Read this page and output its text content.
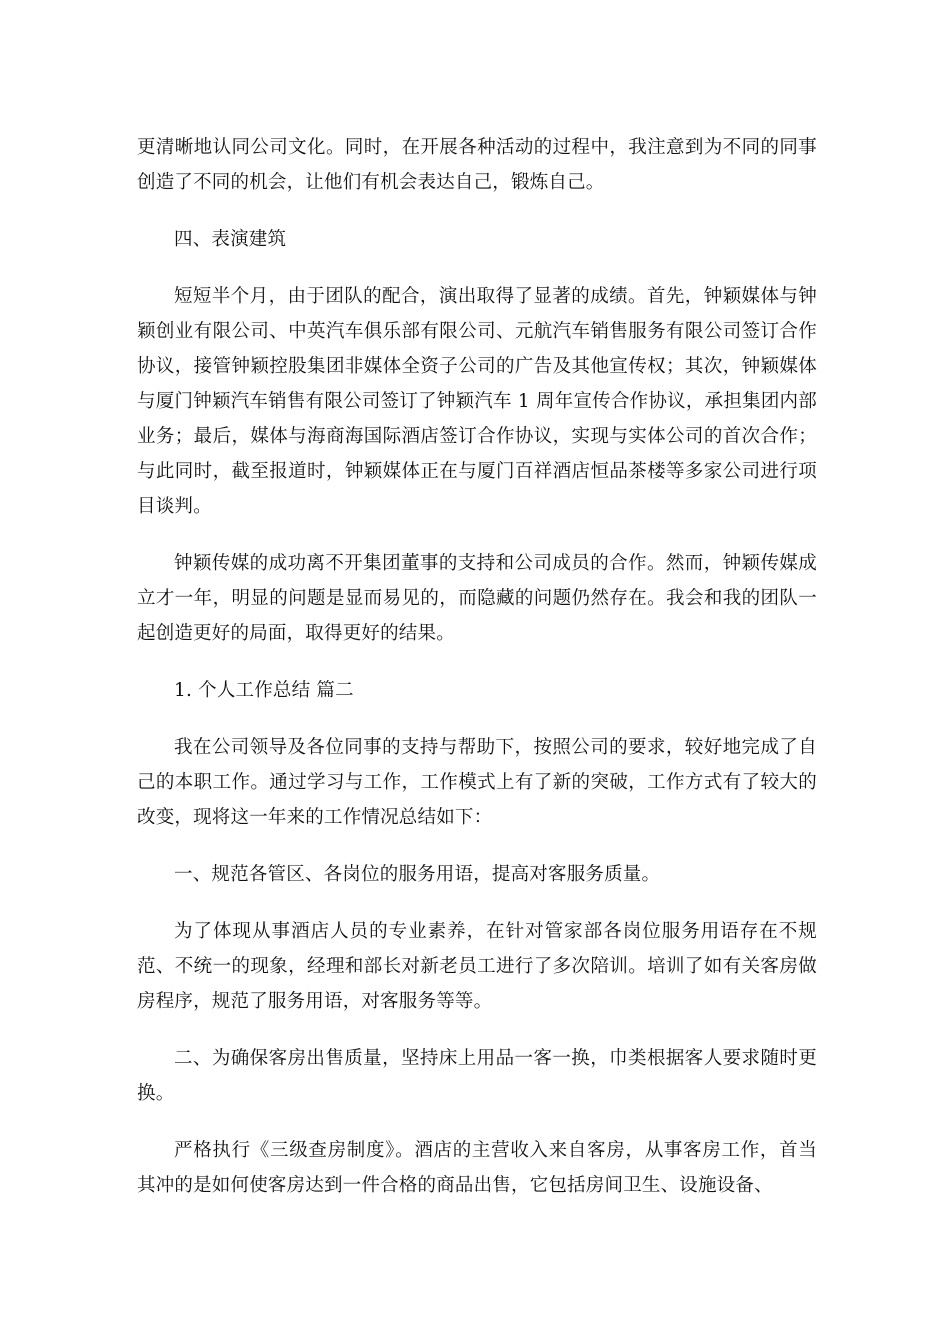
更清晰地认同公司文化。同时，在开展各种活动的过程中，我注意到为不同的同事创造了不同的机会，让他们有机会表达自己，锻炼自己。

四、表演建筑

短短半个月，由于团队的配合，演出取得了显著的成绩。首先，钟颖媒体与钟颖创业有限公司、中英汽车俱乐部有限公司、元航汽车销售服务有限公司签订合作协议，接管钟颖控股集团非媒体全资子公司的广告及其他宣传权；其次，钟颖媒体与厦门钟颖汽车销售有限公司签订了钟颖汽车 1 周年宣传合作协议，承担集团内部业务；最后，媒体与海商海国际酒店签订合作协议，实现与实体公司的首次合作；与此同时，截至报道时，钟颖媒体正在与厦门百祥酒店恒品茶楼等多家公司进行项目谈判。

钟颖传媒的成功离不开集团董事的支持和公司成员的合作。然而，钟颖传媒成立才一年，明显的问题是显而易见的，而隐藏的问题仍然存在。我会和我的团队一起创造更好的局面，取得更好的结果。

1. 个人工作总结 篇二

我在公司领导及各位同事的支持与帮助下，按照公司的要求，较好地完成了自己的本职工作。通过学习与工作，工作模式上有了新的突破，工作方式有了较大的改变，现将这一年来的工作情况总结如下：

一、规范各管区、各岗位的服务用语，提高对客服务质量。

为了体现从事酒店人员的专业素养，在针对管家部各岗位服务用语存在不规范、不统一的现象，经理和部长对新老员工进行了多次陪训。培训了如有关客房做房程序，规范了服务用语，对客服务等等。

二、为确保客房出售质量，坚持床上用品一客一换，巾类根据客人要求随时更换。

严格执行《三级查房制度》。酒店的主营收入来自客房，从事客房工作，首当其冲的是如何使客房达到一件合格的商品出售，它包括房间卫生、设施设备、
